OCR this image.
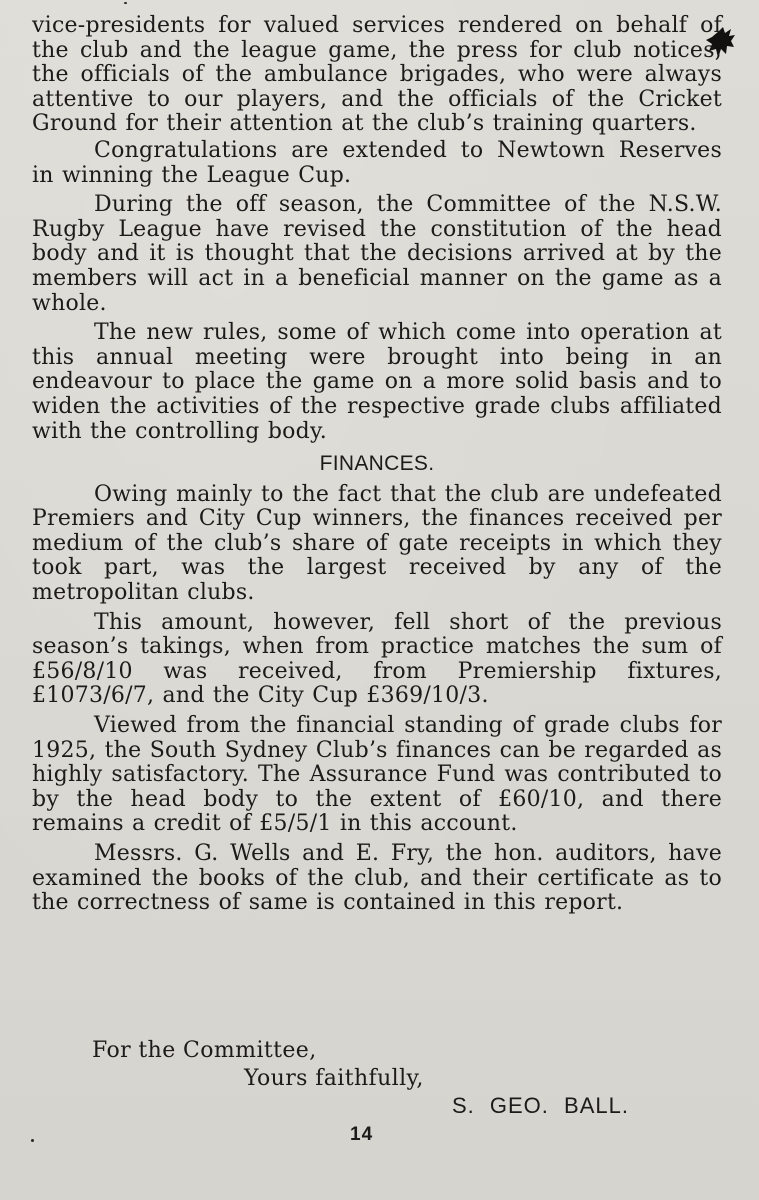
vice-presidents for valued services rendered on behalf of the club and the league game, the press for club notices, the officials of the ambulance brigades, who were always attentive to our players, and the officials of the Cricket Ground for their attention at the club’s training quarters.

Congratulations are extended to Newtown Reserves in winning the League Cup.

During the off season, the Committee of the N.S.W. Rugby League have revised the constitution of the head body and it is thought that the decisions arrived at by the members will act in a beneficial manner on the game as a whole.

The new rules, some of which come into operation at this annual meeting were brought into being in an endeavour to place the game on a more solid basis and to widen the activities of the respective grade clubs affiliated with the controlling body.

FINANCES.

Owing mainly to the fact that the club are undefeated Premiers and City Cup winners, the finances received per medium of the club’s share of gate receipts in which they took part, was the largest received by any of the metropolitan clubs.

This amount, however, fell short of the previous season’s takings, when from practice matches the sum of £56/8/10 was received, from Premiership fixtures, £1073/6/7, and the City Cup £369/10/3.

Viewed from the financial standing of grade clubs for 1925, the South Sydney Club’s finances can be regarded as highly satisfactory. The Assurance Fund was contributed to by the head body to the extent of £60/10, and there remains a credit of £5/5/1 in this account.

Messrs. G. Wells and E. Fry, the hon. auditors, have examined the books of the club, and their certificate as to the correctness of same is contained in this report.

For the Committee,
Yours faithfully,
S. GEO. BALL.
14
